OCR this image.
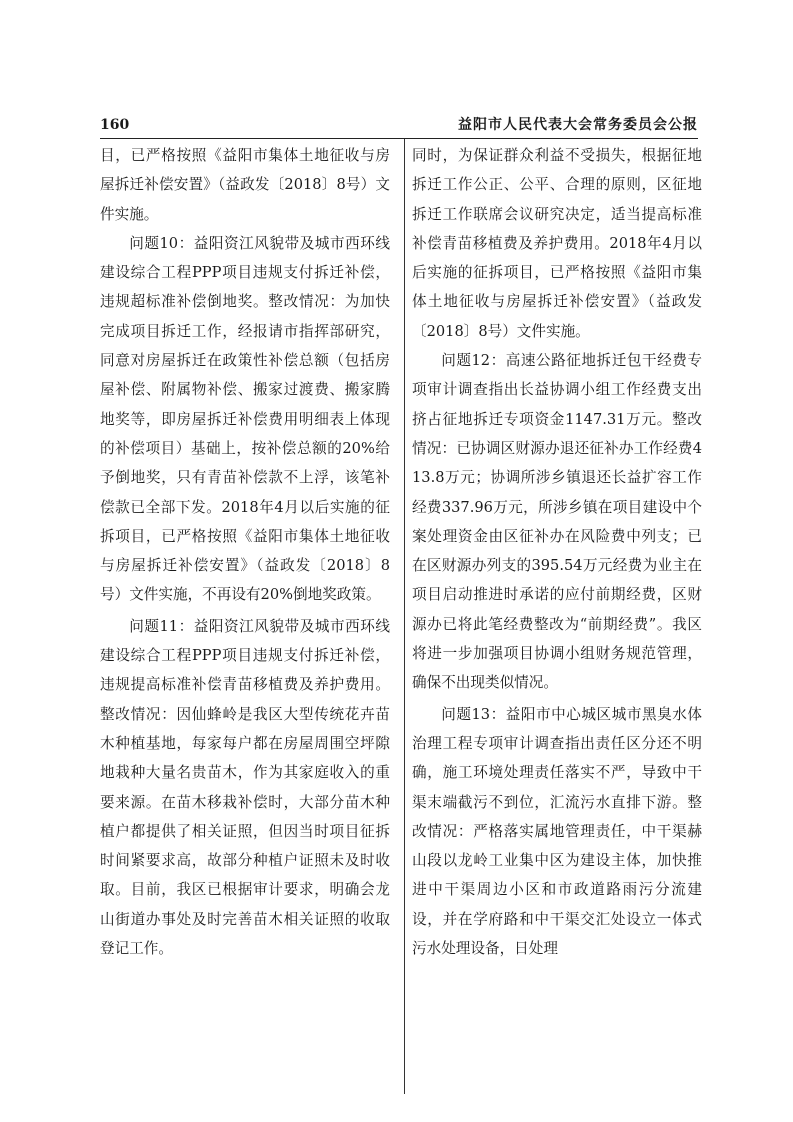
160	益阳市人民代表大会常务委员会公报

目，已严格按照《益阳市集体土地征收与房屋拆迁补偿安置》（益政发〔2018〕8号）文件实施。

问题10：益阳资江风貌带及城市西环线建设综合工程PPP项目违规支付拆迁补偿，违规超标准补偿倒地奖。整改情况：为加快完成项目拆迁工作，经报请市指挥部研究，同意对房屋拆迁在政策性补偿总额（包括房屋补偿、附属物补偿、搬家过渡费、搬家腾地奖等，即房屋拆迁补偿费用明细表上体现的补偿项目）基础上，按补偿总额的20%给予倒地奖，只有青苗补偿款不上浮，该笔补偿款已全部下发。2018年4月以后实施的征拆项目，已严格按照《益阳市集体土地征收与房屋拆迁补偿安置》（益政发〔2018〕8号）文件实施，不再设有20%倒地奖政策。

问题11：益阳资江风貌带及城市西环线建设综合工程PPP项目违规支付拆迁补偿，违规提高标准补偿青苗移植费及养护费用。整改情况：因仙蜂岭是我区大型传统花卉苗木种植基地，每家每户都在房屋周围空坪隙地栽种大量名贵苗木，作为其家庭收入的重要来源。在苗木移栽补偿时，大部分苗木种植户都提供了相关证照，但因当时项目征拆时间紧要求高，故部分种植户证照未及时收取。目前，我区已根据审计要求，明确会龙山街道办事处及时完善苗木相关证照的收取登记工作。

同时，为保证群众利益不受损失，根据征地拆迁工作公正、公平、合理的原则，区征地拆迁工作联席会议研究决定，适当提高标准补偿青苗移植费及养护费用。2018年4月以后实施的征拆项目，已严格按照《益阳市集体土地征收与房屋拆迁补偿安置》（益政发〔2018〕8号）文件实施。

问题12：高速公路征地拆迁包干经费专项审计调查指出长益协调小组工作经费支出挤占征地拆迁专项资金1147.31万元。整改情况：已协调区财源办退还征补办工作经费413.8万元；协调所涉乡镇退还长益扩容工作经费337.96万元，所涉乡镇在项目建设中个案处理资金由区征补办在风险费中列支；已在区财源办列支的395.54万元经费为业主在项目启动推进时承诺的应付前期经费，区财源办已将此笔经费整改为“前期经费”。我区将进一步加强项目协调小组财务规范管理，确保不出现类似情况。

问题13：益阳市中心城区城市黑臭水体治理工程专项审计调查指出责任区分还不明确，施工环境处理责任落实不严，导致中干渠末端截污不到位，汇流污水直排下游。整改情况：严格落实属地管理责任，中干渠赫山段以龙岭工业集中区为建设主体，加快推进中干渠周边小区和市政道路雨污分流建设，并在学府路和中干渠交汇处设立一体式污水处理设备，日处理
